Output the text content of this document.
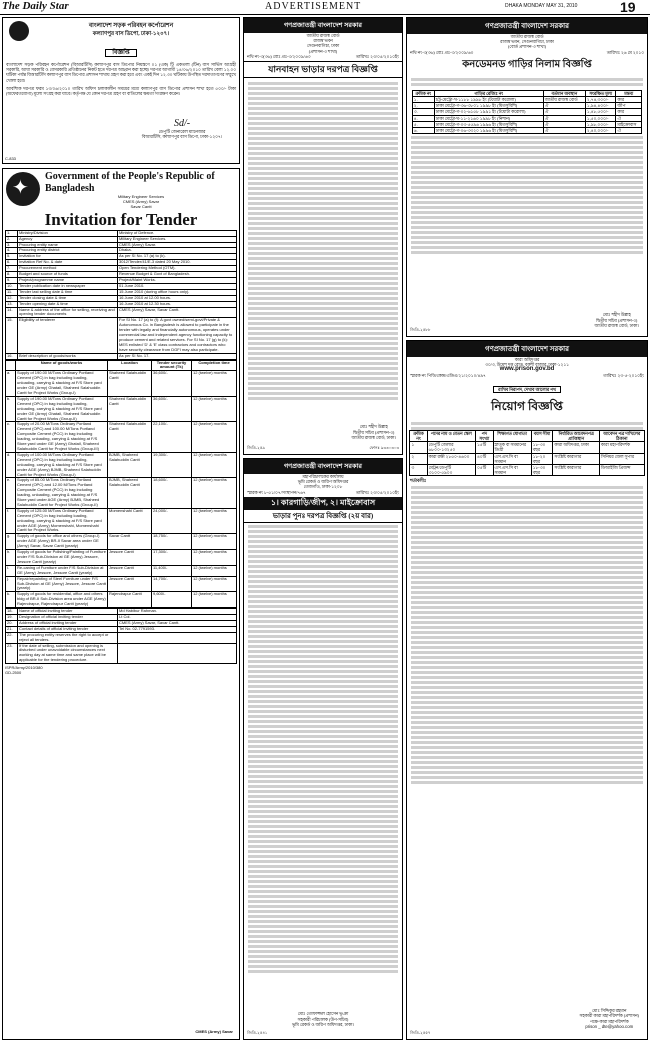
The Daily Star	ADVERTISEMENT	DHAKA MONDAY MAY 31, 2010	19
বাংলাদেশ সড়ক পরিবহন কর্পোরেশন
কল্যাণপুর বাস ডিপো, ঢাকা-১২০৭।
বিজ্ঞপ্তি
বাংলাদেশ সড়ক পরিবহন কর্পোরেশন (বিআরটিসি) কল্যাণপুর বাস ডিপোর নিয়ন্ত্রণে ০১ (এক) টি একতলা (টিন) বাস সার্ভিস আগ্রহী সরকারি, আধা সরকারি ও বেসরকারি প্রতিষ্ঠানের নিকট হতে দরপত্র আহ্বান করা হচ্ছে। দরপত্র আগামী ১৪/০৬/২০১০ তারিখ বেলা ১২.০০ ঘটিকা পর্যন্ত বিআরটিসি কল্যাণপুর বাস ডিপোর প্রশাসন শাখায় গ্রহণ করা হবে এবং একই দিন ১২.৩০ ঘটিকায় উপস্থিত দরদাতাগণের সম্মুখে খোলা হবে।
আবশ্যিক দরপত্র ফরম ১৩/০৬/২০১০ তারিখ অফিস চলাকালীন সময়ের মধ্যে কল্যাণপুর বাস ডিপোর প্রশাসন শাখা হতে ৫০০/- টাকা (অফেরতযোগ্য) মূল্যে সংগ্রহ করা যাবে। কর্তৃপক্ষ যে কোন দরপত্র গ্রহণ বা বাতিলের ক্ষমতা সংরক্ষণ করেন।
Sd/-
ডেপুটি জেনারেল ম্যানেজার
বিআরটিসি, কল্যাণপুর বাস ডিপো, ঢাকা-১২০৭।
C-833
✦
Government of the People's Republic of Bangladesh
Military Engineer Services
CMES (Army) Savar
Savar Cantt
Invitation for Tender
1.	Ministry/Division	Ministry of Defence.
2.	Agency	Military Engineer Services.
3.	Procuring entity name	CMES (Army) Savar.
4.	Procuring entity district	Dhaka.
5.	Invitation for	As per SI No. 17 (a) to (k).
6.	Invitation Ref No. & date	3012/Tender/41/E-3 dated 20 May 2010.
7.	Procurement method	Open Tendering Method (OTM).
8.	Budget and source of funds	Revenue Budget & Govt of Bangladesh.
9.	Project/programme name	Project/Maint Works.
10.	Tender publication date in newspaper	01 June 2010.
11.	Tender last selling date & time	15 June 2010 (during office hours only).
12.	Tender closing date & time	16 June 2010 at 12.00 hours.
13.	Tender opening date & time	16 June 2010 at 12.30 hours.
14.	Name & address of the office for selling, receiving and opening tender documents	CMES (Army) Savar, Savar Cantt.
15.	Eligibility of tenderer	For SI No. 17 (a) to (f): A govt owned/semi-govt/Private & Autonomous Co. in Bangladesh is allowed to participate in the tender with legally and financially autonomous, operates under commercial law and independent agency functioning capacity to produce cement and related services. For SI No. 17 (g) to (k): MES enlisted 'D' & 'E' class contractors and contractors who have security clearance from DGFI may also participate.
16.	Brief description of goods/works	As per SI No. 17.
	Name of goods/works	Location	Tender security amount (Tk)	Completion time
a.	Supply of 190.00 M/Tons Ordinary Portland Cement (OPC) in bag including loading, unloading, carrying & stacking at F/S Store yard under GE (Army) Ghatail, Shaheed Salahuddin Cantt for Project Works (Group-I)	Shaheed Salahuddin Cantt	36,600/-	12 (twelve) months
b.	Supply of 190.00 M/Tons Ordinary Portland Cement (OPC) in bag including loading, unloading, carrying & stacking at F/S Store yard under GE (Army) Ghatail, Shaheed Salahuddin Cantt for Project Works (Group-II)	Shaheed Salahuddin Cantt	36,600/-	12 (twelve) months
c.	Supply of 20.00 M/Tons Ordinary Portland Cement (OPC) and 100.00 M/Tons Portland Composite Cement (PCC) in bag including loading, unloading, carrying & stacking at F/S Store yard under GE (Army) Ghatail, Shaheed Salahuddin Cantt for Project Works (Group-III)	Shaheed Salahuddin Cantt	22,100/-	12 (twelve) months
d.	Supply of 100.00 M/Tons Ordinary Portland Cement (OPC) in bag including loading, unloading, carrying & stacking at F/S Store yard under AGE (Army) BJMB, Shaheed Salahuddin Cantt for Project Works (Group-I)	BJMB, Shaheed Salahuddin Cantt	19,300/-	12 (twelve) months
e.	Supply of 85.00 M/Tons Ordinary Portland Cement (OPC) and 12.00 M/Tons Portland Composite Cement (PCC) in bag including loading, unloading, carrying & stacking at F/S Store yard under AGE (Army) BJMB, Shaheed Salahuddin Cantt for Project Works (Group-II)	BJMB, Shaheed Salahuddin Cantt	18,600/-	12 (twelve) months
f.	Supply of 125.00 M/Tons Ordinary Portland Cement (OPC) in bag including loading, unloading, carrying & stacking at F/S Store yard under AGE (Army) Momenshahi, Momenshahi Cantt for Project Works.	Momenshahi Cantt	24,000/-	12 (twelve) months
g.	Supply of goods for office and others (Group-I) under AGE (Army) BR-II Savar area under GE (Army) Savar, Savar Cantt (yearly)	Savar Cantt	18,750/-	12 (twelve) months
h.	Supply of goods for Polishing/Painting of Furniture under F/S Sub-Division at GE (Army) Jessore, Jessore Cantt (yearly)	Jessore Cantt	17,300/-	12 (twelve) months
i.	Re-caning of Furniture under F/S Sub-Division at GE (Army) Jessore, Jessore Cantt (yearly)	Jessore Cantt	11,400/-	12 (twelve) months
j.	Repair/repainting of Steel Furniture under F/S Sub-Division at GE (Army) Jessore, Jessore Cantt (yearly)	Jessore Cantt	14,700/-	12 (twelve) months
k.	Supply of goods for residential, office and others bldg of BR-II Sub-Division area under AGE (Army) Rajendrapur, Rajendrapur Cantt (yearly)	Rajendrapur Cantt	9,600/-	12 (twelve) months
18.	Name of official inviting tender	Md Habibur Rahman.
19.	Designation of official inviting tender	Lt Col.
20.	Address of official inviting tender	CMES (Army) Savar, Savar Cantt.
21.	Contact details of official inviting tender	Tel No. 02-7791593.
22.	The procuring entity reserves the right to accept or reject all tenders.	
23.	If the date of selling, submission and opening is disturbed under unavoidable circumstances next working day at same time and same place will be applicable for the tendering procedure.	
ISPR/Army/2010/380
GD-2500
CMES (Army) Savar
গণপ্রজাতন্ত্রী বাংলাদেশ সরকার
জাতীয় রাজস্ব বোর্ড
রাজস্ব ভবন
সেগুনবাগিচা, ঢাকা
(প্রশাসন-৩ শাখা)
নথি নং-৩(৩৬) বোঃ প্রঃ-৩/২০০৯/৬৩	তারিখঃ ২৩/০৫/২০১০ইং
যানবাহন ভাড়ার দরপত্র বিজ্ঞপ্তি
মোঃ শহীদ উল্লাহ
দ্বিতীয় সচিব (প্রশাসন-৩)
জাতীয় রাজস্ব বোর্ড, ঢাকা।
জিডি-২৫৯	ফোনঃ ৯৩৩০৩০৩
গণপ্রজাতন্ত্রী বাংলাদেশ সরকার
মহাপরিচালকের কার্যালয়
ভূমি রেকর্ড ও জরিপ অধিদপ্তর
তেজগাঁও, ঢাকা-১২০৮
স্মারক নং ৮-৫১/০৭/সংস্থাপন/৭৬৭	তারিখঃ ২৩/০৫/২০১০ইং
১। কারগাড়ি/জীপ, ২। মাইক্রোবাস
ভাড়ার পুনঃ দরপত্র বিজ্ঞপ্তি (২য় বার)
মোঃ তোফাজ্জল হোসেন ভূঞা
সহকারী পরিচালক (উপ-সচিব)
ভূমি রেকর্ড ও জরিপ অধিদপ্তর, ঢাকা।
জিডি-২৫৪১
গণপ্রজাতন্ত্রী বাংলাদেশ সরকার
জাতীয় রাজস্ব বোর্ড
রাজস্ব ভবন, সেগুনবাগিচা, ঢাকা
(বোর্ড প্রশাসন-৩ শাখা)
নথি নং-৩(৩৬) বোঃ প্রঃ-৩/২০০৯/৬০	তারিখঃ ২৬ মে ২০১০
কনডেমনড গাড়ির নিলাম বিজ্ঞপ্তি
ক্রমিক নং	গাড়ির রেজিঃ নং	বর্তমান অবস্থান	সংরক্ষিত মূল্য	মন্তব্য
১.	চট্ট-মেট্রো-খ-১১৮৮ ১৯৯৮ ইং (টয়োটা করোলা)	জাতীয় রাজস্ব বোর্ড	২,৭৪,৩০০/-	কার
২.	ঢাকা মেট্রো-গ-৩৬-৩৮০১ ১৯৯৮ ইং (মিতসুবিশি)	ঐ	১,৯৪,৪০০/-	জীপ
৩.	ঢাকা মেট্রো-গ-০২-৬১৫৮ ১৯৯১ ইং (টয়োটা করোলা)	ঐ	১,৪৮,৫০০/-	কার
৪.	ঢাকা মেট্রো-ঘ-১১-২১৬০ ১৯৯৮ ইং (নিশান)	ঐ	১,৫০,০০০/-	ঐ
৫.	ঢাকা মেট্রো-গ-০৩-৫৫৯৬ ১৯৯৬ ইং (মিতসুবিশি)	ঐ	১,৯৮,০০০/-	মাইক্রোবাস
৬.	ঢাকা মেট্রো-গ-০৬-৩৩২০ ১৯৯৬ ইং (মিতসুবিশি)	ঐ	২,৪০,০০০/-	ঐ
মোঃ শহীদ উল্লাহ
দ্বিতীয় সচিব (প্রশাসন-৩)
জাতীয় রাজস্ব বোর্ড, ঢাকা।
জিডি-২৫৮৮
গণপ্রজাতন্ত্রী বাংলাদেশ সরকার
কারা অধিদপ্তর
৩০/৩, উমেশ দত্ত রোড, বকশী বাজার, ঢাকা-১২১১
www.prison.gov.bd
স্মারক নং পিডি/কেন্দ্র/এডিএ/২১/২০১০/৪৯৭	তারিখঃ ২৩-৫-২০১০ইং
রাখিব নিরাপদ, দেখাব আলোর পথ
নিয়োগ বিজ্ঞপ্তি
ক্রমিক নং	পদের নাম ও বেতন স্কেল	পদ সংখ্যা	শিক্ষাগত যোগ্যতা	বয়স সীমা	নির্ধারিত আবেদনপত্র প্রাপ্তিস্থান	আবেদন পত্র দাখিলের ঠিকানা
১	ডেপুটি জেলার ৬৮০০-১৩২৫০	১৫টি	স্নাতক বা সমমানের ডিগ্রী	১৮-৩০ বছর	কারা অধিদপ্তর, ঢাকা	কারা মহাপরিদর্শক
২	কারা রক্ষী ২৮৫০-৪৬০০	৪০টি	এস.এস.সি বা সমমান	১৮-২০ বছর	সংশ্লিষ্ট কারাগার	সিনিয়র জেল সুপার
৩	মেট্রন/ডেপুটি ৩১০০-৫৯০০	০৫টি	এস.এস.সি বা সমমান	১৮-৩০ বছর	সংশ্লিষ্ট কারাগার	ডিআইজি প্রিজন্স
শর্তাবলীঃ
মোঃ সিদ্দিকুর রহমান
সহকারী কারা মহাপরিদর্শক (প্রশাসন)
পক্ষে-কারা মহাপরিদর্শক
prison _ dte@yahoo.com
জিডি-২৫৫৭
